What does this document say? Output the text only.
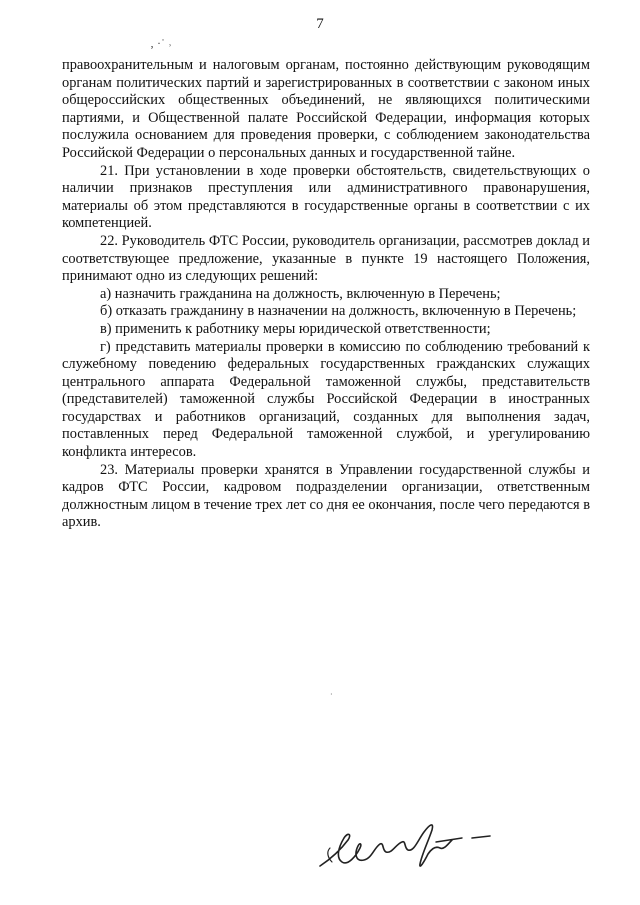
7
‚ ·˙ ˒

правоохранительным и налоговым органам, постоянно действующим руководящим органам политических партий и зарегистрированных в соответствии с законом иных общероссийских общественных объединений, не являющихся политическими партиями, и Общественной палате Российской Федерации, информация которых послужила основанием для проведения проверки, с соблюдением законодательства Российской Федерации о персональных данных и государственной тайне.

21. При установлении в ходе проверки обстоятельств, свидетельствующих о наличии признаков преступления или административного правонарушения, материалы об этом представляются в государственные органы в соответствии с их компетенцией.

22. Руководитель ФТС России, руководитель организации, рассмотрев доклад и соответствующее предложение, указанные в пункте 19 настоящего Положения, принимают одно из следующих решений:

а) назначить гражданина на должность, включенную в Перечень;

б) отказать гражданину в назначении на должность, включенную в Перечень;

в) применить к работнику меры юридической ответственности;

г) представить материалы проверки в комиссию по соблюдению требований к служебному поведению федеральных государственных гражданских служащих центрального аппарата Федеральной таможенной службы, представительств (представителей) таможенной службы Российской Федерации в иностранных государствах и работников организаций, созданных для выполнения задач, поставленных перед Федеральной таможенной службой, и урегулированию конфликта интересов.

23. Материалы проверки хранятся в Управлении государственной службы и кадров ФТС России, кадровом подразделении организации, ответственным должностным лицом в течение трех лет со дня ее окончания, после чего передаются в архив.

·
